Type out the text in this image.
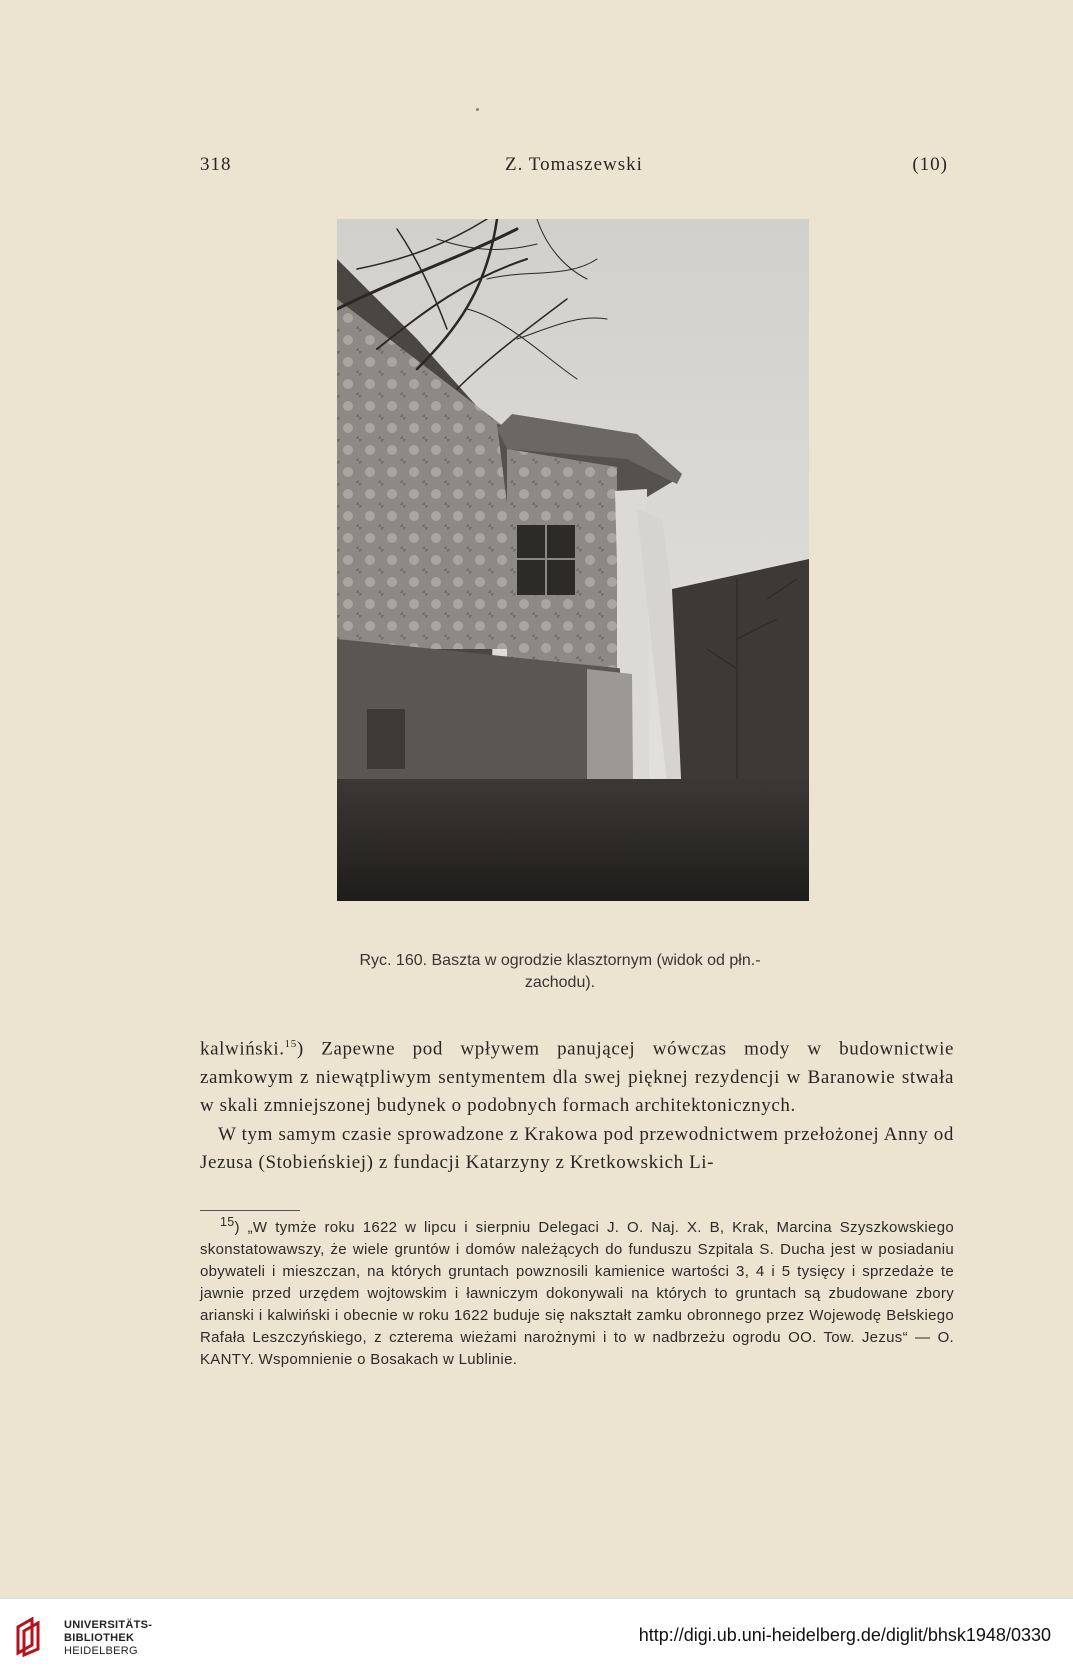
318	Z. Tomaszewski	(10)
Ryc. 160. Baszta w ogrodzie klasztornym (widok od płn.-
zachodu).

kalwiński.$^{15}$) Zapewne pod wpływem panującej wówczas mody w budownictwie zamkowym z niewątpliwym sentymentem dla swej pięknej rezydencji w Baranowie stwała w skali zmniejszonej budynek o podobnych formach architektonicznych.

W tym samym czasie sprowadzone z Krakowa pod przewodnictwem przełożonej Anny od Jezusa (Stobieńskiej) z fundacji Katarzyny z Kretkowskich Li-

$^{15}$) „W tymże roku 1622 w lipcu i sierpniu Delegaci J. O. Naj. X. B, Krak, Marcina Szyszkowskiego skonstatowawszy, że wiele gruntów i domów należących do funduszu Szpitala S. Ducha jest w posiadaniu obywateli i mieszczan, na których gruntach powznosili kamienice wartości 3, 4 i 5 tysięcy i sprzedaże te jawnie przed urzędem wojtowskim i ławniczym dokonywali na których to gruntach są zbudowane zbory arianski i kalwiński i obecnie w roku 1622 buduje się nakształt zamku obronnego przez Wojewodę Bełskiego Rafała Leszczyńskiego, z czterema wieżami narożnymi i to w nadbrzeżu ogrodu OO. Tow. Jezus“ — O. KANTY. Wspomnienie o Bosakach w Lublinie.

UNIVERSITÄTS-
BIBLIOTHEK
HEIDELBERG
http://digi.ub.uni-heidelberg.de/diglit/bhsk1948/0330
